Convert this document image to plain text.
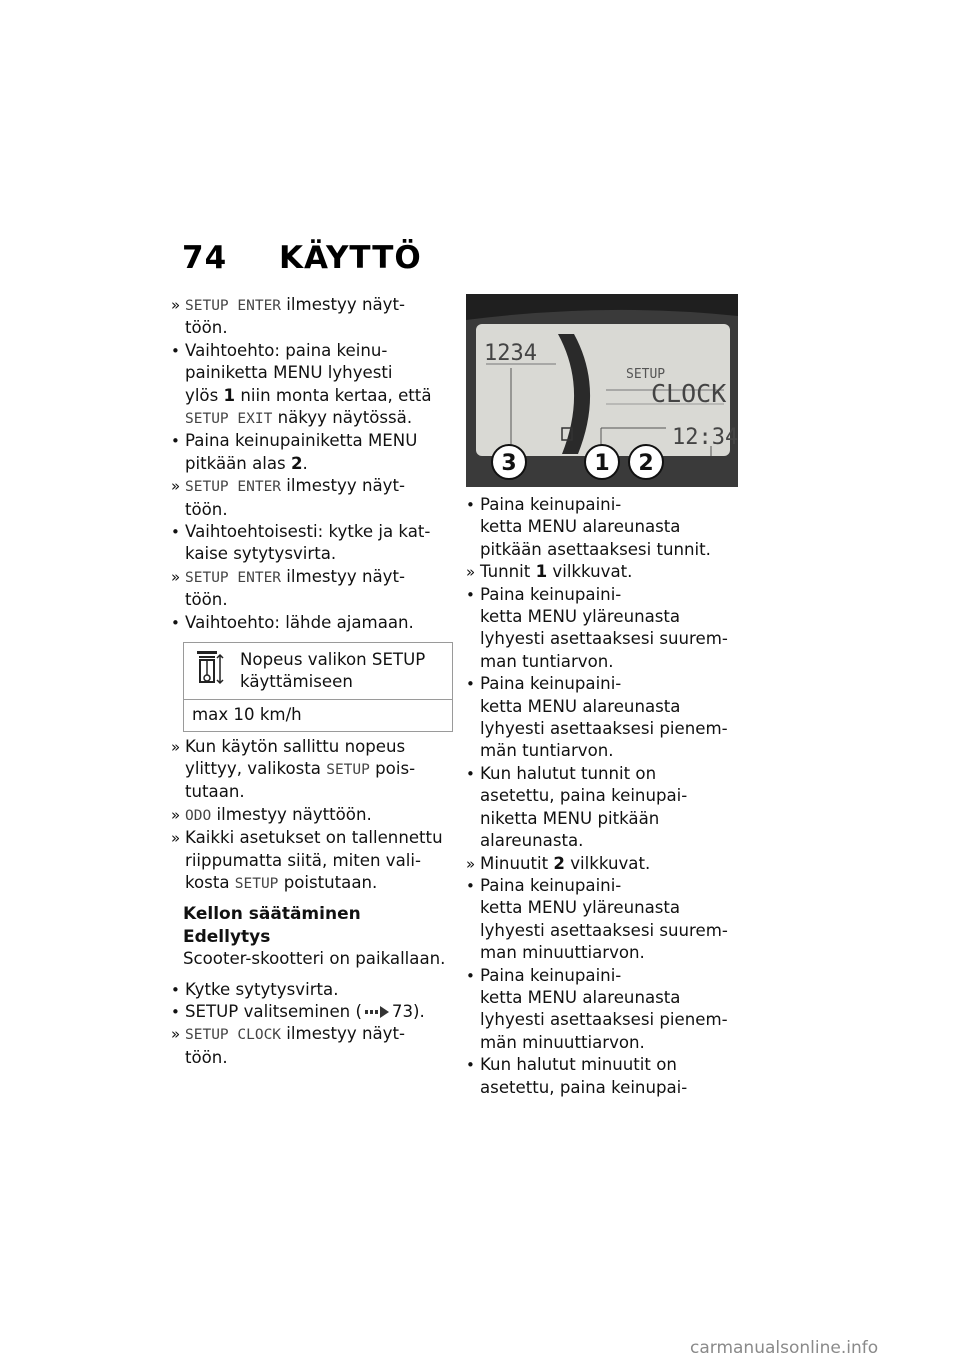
74 KÄYTTÖ
» SETUP ENTER ilmestyy näyt-
töön.
• Vaihtoehto: paina keinu-
painiketta MENU lyhyesti
ylös 1 niin monta kertaa, että
SETUP EXIT näkyy näytössä.
• Paina keinupainiketta MENU
pitkään alas 2.
» SETUP ENTER ilmestyy näyt-
töön.
• Vaihtoehtoisesti: kytke ja kat-
kaise sytytysvirta.
» SETUP ENTER ilmestyy näyt-
töön.
• Vaihtoehto: lähde ajamaan.
Nopeus valikon SETUP
käyttämiseen
max 10 km/h
» Kun käytön sallittu nopeus
ylittyy, valikosta SETUP pois-
tutaan.
» ODO ilmestyy näyttöön.
» Kaikki asetukset on tallennettu
riippumatta siitä, miten vali-
kosta SETUP poistutaan.
Kellon säätäminen
Edellytys
Scooter-skootteri on paikallaan.
• Kytke sytytysvirta.
• SETUP valitseminen ( 73).
» SETUP CLOCK ilmestyy näyt-
töön.
1234
SETUP
CLOCK
12:34
3	1 2
• Paina keinupaini-
ketta MENU alareunasta
pitkään asettaaksesi tunnit.
» Tunnit 1 vilkkuvat.
• Paina keinupaini-
ketta MENU yläreunasta
lyhyesti asettaaksesi suurem-
man tuntiarvon.
• Paina keinupaini-
ketta MENU alareunasta
lyhyesti asettaaksesi pienem-
män tuntiarvon.
• Kun halutut tunnit on
asetettu, paina keinupai-
niketta MENU pitkään
alareunasta.
» Minuutit 2 vilkkuvat.
• Paina keinupaini-
ketta MENU yläreunasta
lyhyesti asettaaksesi suurem-
man minuuttiarvon.
• Paina keinupaini-
ketta MENU alareunasta
lyhyesti asettaaksesi pienem-
män minuuttiarvon.
• Kun halutut minuutit on
asetettu, paina keinupai-
carmanualsonline.info
